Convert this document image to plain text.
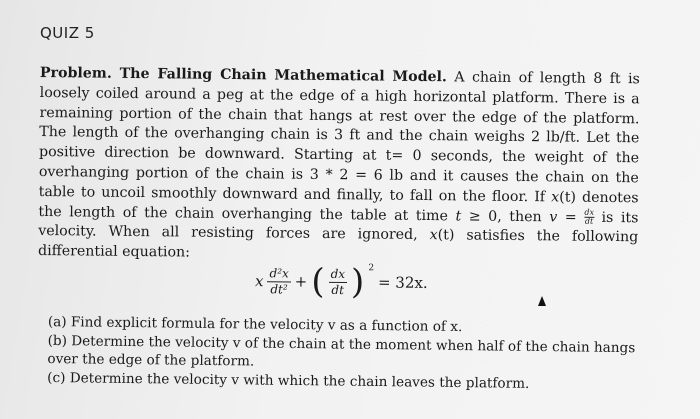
QUIZ 5
Problem. The Falling Chain Mathematical Model. A chain of length 8 ft is loosely coiled around a peg at the edge of a high horizontal platform. There is a remaining portion of the chain that hangs at rest over the edge of the platform. The length of the overhanging chain is 3 ft and the chain weighs 2 lb/ft. Let the positive direction be downward. Starting at t= 0 seconds, the weight of the overhanging portion of the chain is 3 * 2 = 6 lb and it causes the chain on the table to uncoil smoothly downward and finally, to fall on the floor. If x(t) denotes the length of the chain overhanging the table at time t ≥ 0, then $v = \frac{dx}{dt}$ is its velocity. When all resisting forces are ignored, x(t) satisfies the following differential equation:
x $\frac{\text{d²x}}{\text{dt²}}$ + ( $\frac{dx}{dt}$ ) 2
= 32x.

(a) Find explicit formula for the velocity v as a function of x.

(b) Determine the velocity v of the chain at the moment when half of the chain hangs over the edge of the platform.

(c) Determine the velocity v with which the chain leaves the platform.
